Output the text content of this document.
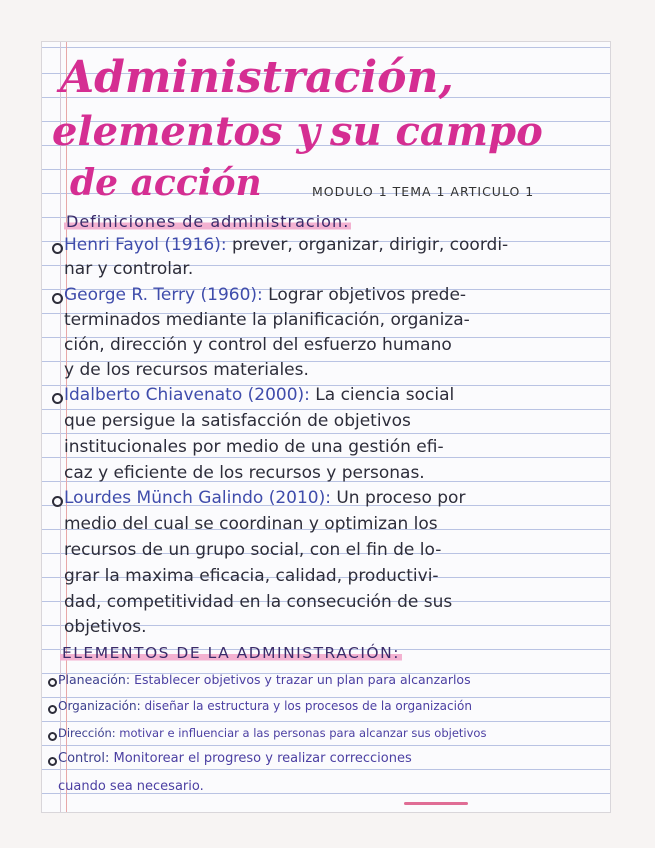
Administración,
elementos y su campo
de acción	MODULO 1 TEMA 1 ARTICULO 1
Definiciones de administracion:
Henri Fayol (1916): prever, organizar, dirigir, coordi-
nar y controlar.
George R. Terry (1960): Lograr objetivos prede-
terminados mediante la planificación, organiza-
ción, dirección y control del esfuerzo humano
y de los recursos materiales.
Idalberto Chiavenato (2000): La ciencia social
que persigue la satisfacción de objetivos
institucionales por medio de una gestión efi-
caz y eficiente de los recursos y personas.
Lourdes Münch Galindo (2010): Un proceso por
medio del cual se coordinan y optimizan los
recursos de un grupo social, con el fin de lo-
grar la maxima eficacia, calidad, productivi-
dad, competitividad en la consecución de sus
objetivos.
ELEMENTOS DE LA ADMINISTRACIÓN:
Planeación: Establecer objetivos y trazar un plan para alcanzarlos
Organización: diseñar la estructura y los procesos de la organización
Dirección: motivar e influenciar a las personas para alcanzar sus objetivos
Control: Monitorear el progreso y realizar correcciones
cuando sea necesario.
